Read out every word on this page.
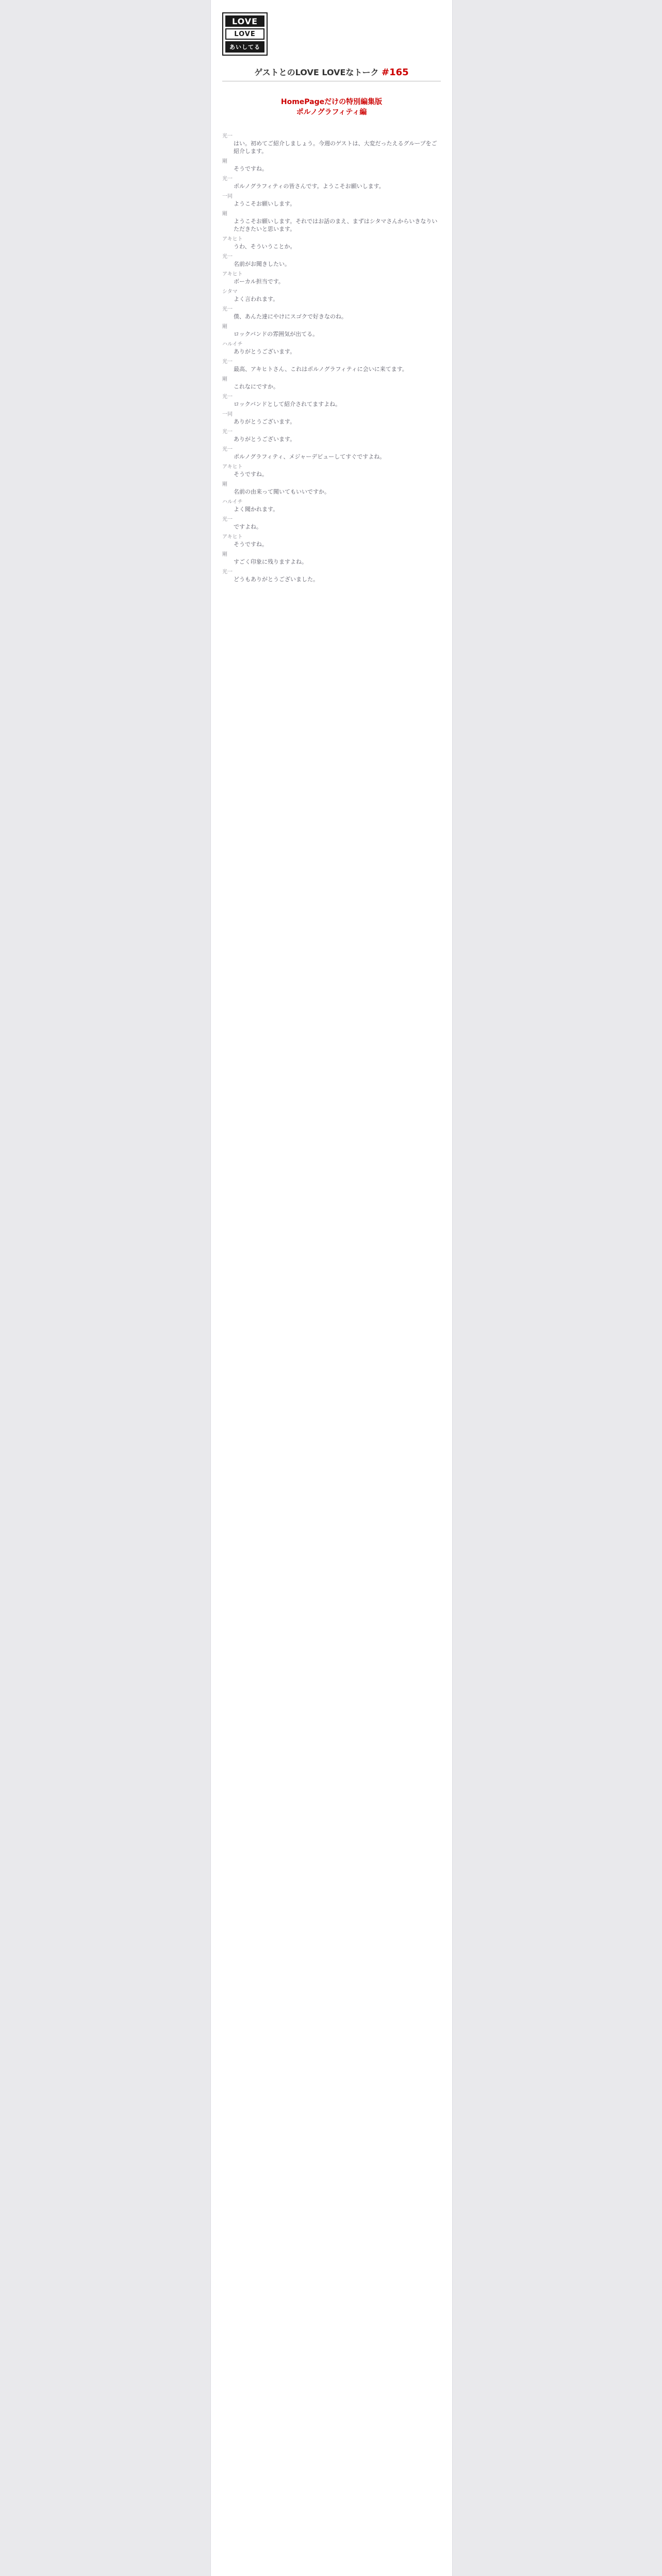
LOVE
LOVE
あいしてる
ゲストとのLOVE LOVEなトーク #165
HomePageだけの特別編集版
ポルノグラフィティ編
光一
はい。初めてご紹介しましょう。今週のゲストは、大変だったえるグループをご紹介します。
剛
そうですね。
光一
ポルノグラフィティの皆さんです。ようこそお願いします。
一同
ようこそお願いします。
剛
ようこそお願いします。それではお話のまえ、まずはシタマさんからいきなりいただきたいと思います。
アキヒト
うわ、そういうことか。
光一
名前がお聞きしたい。
アキヒト
ボーカル担当です。
シタマ
よく言われます。
光一
僕、あんた達にやけにスゴクで好きなのね。
剛
ロックバンドの雰囲気が出てる。
ハルイチ
ありがとうございます。
光一
最高、アキヒトさん、これはポルノグラフィティに会いに来てます。
剛
これなにですか。
光一
ロックバンドとして紹介されてますよね。
一同
ありがとうございます。
光一
ありがとうございます。
光一
ポルノグラフィティ、メジャーデビューしてすぐですよね。
アキヒト
そうですね。
剛
名前の由来って聞いてもいいですか。
ハルイチ
よく聞かれます。
光一
ですよね。
アキヒト
そうですね。
剛
すごく印象に残りますよね。
光一
どうもありがとうございました。
